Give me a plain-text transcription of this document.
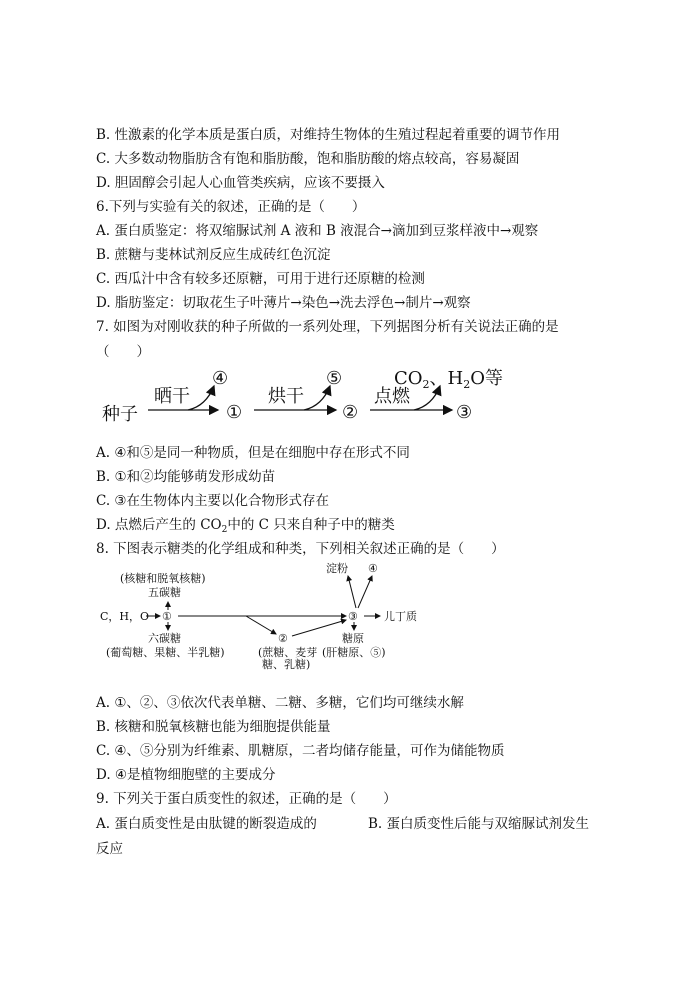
B. 性激素的化学本质是蛋白质，对维持生物体的生殖过程起着重要的调节作用
C. 大多数动物脂肪含有饱和脂肪酸，饱和脂肪酸的熔点较高，容易凝固
D. 胆固醇会引起人心血管类疾病，应该不要摄入
6.下列与实验有关的叙述，正确的是（　　）
A. 蛋白质鉴定：将双缩脲试剂 A 液和 B 液混合→滴加到豆浆样液中→观察
B. 蔗糖与斐林试剂反应生成砖红色沉淀
C. 西瓜汁中含有较多还原糖，可用于进行还原糖的检测
D. 脂肪鉴定：切取花生子叶薄片→染色→洗去浮色→制片→观察
7. 如图为对刚收获的种子所做的一系列处理，下列据图分析有关说法正确的是
（　　）
种子
晒干
④
①
烘干
⑤
②
点燃
$CO_2$、$H_2O$等
③
A. ④和⑤是同一种物质，但是在细胞中存在形式不同
B. ①和②均能够萌发形成幼苗
C. ③在生物体内主要以化合物形式存在
D. 点燃后产生的 $CO_2$中的 C 只来自种子中的糖类
8. 下图表示糖类的化学组成和种类，下列相关叙述正确的是（　　）
(核糖和脱氧核糖)
五碳糖
C，H，O ①
六碳糖
(葡萄糖、果糖、半乳糖)
②
(蔗糖、麦芽
糖、乳糖)
③
淀粉 ④
儿丁质
糖原
(肝糖原、⑤)
A. ①、②、③依次代表单糖、二糖、多糖，它们均可继续水解
B. 核糖和脱氧核糖也能为细胞提供能量
C. ④、⑤分别为纤维素、肌糖原，二者均储存能量，可作为储能物质
D. ④是植物细胞壁的主要成分
9. 下列关于蛋白质变性的叙述，正确的是（　　）
A. 蛋白质变性是由肽键的断裂造成的	B. 蛋白质变性后能与双缩脲试剂发生
反应
